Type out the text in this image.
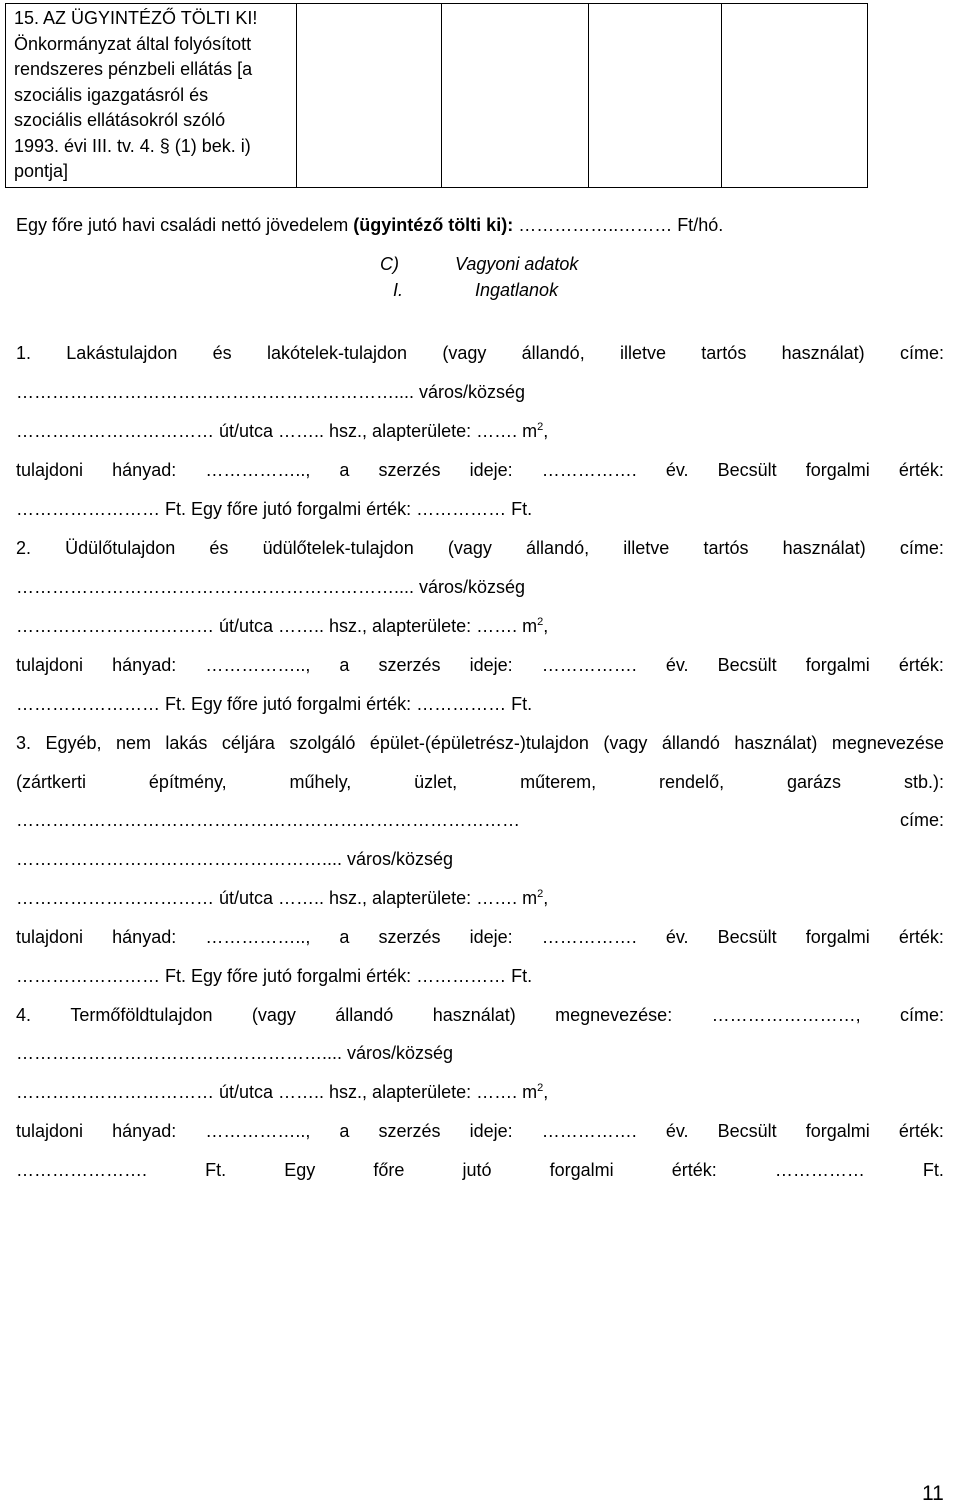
15. AZ ÜGYINTÉZŐ TÖLTI KI!
Önkormányzat által folyósított
rendszeres pénzbeli ellátás [a
szociális igazgatásról és
szociális ellátásokról szóló
1993. évi III. tv. 4. § (1) bek. i)
pontja]

Egy főre jutó havi családi nettó jövedelem (ügyintéző tölti ki): ……………..……… Ft/hó.
C)	Vagyoni adatok
I.	Ingatlanok
1. Lakástulajdon és lakótelek-tulajdon (vagy állandó, illetve tartós használat) címe:
……………………………………………………….... város/község
…………………………… út/utca …….. hsz., alapterülete: ……. $m^2$,
tulajdoni hányad: …………….., a szerzés ideje: ……………. év. Becsült forgalmi érték:
…………………… Ft. Egy főre jutó forgalmi érték: …………… Ft.
2. Üdülőtulajdon és üdülőtelek-tulajdon (vagy állandó, illetve tartós használat) címe:
……………………………………………………….... város/község
…………………………… út/utca …….. hsz., alapterülete: ……. $m^2$,
tulajdoni hányad: …………….., a szerzés ideje: ……………. év. Becsült forgalmi érték:
…………………… Ft. Egy főre jutó forgalmi érték: …………… Ft.
3. Egyéb, nem lakás céljára szolgáló épület-(épületrész-)tulajdon (vagy állandó használat) megnevezése
(zártkerti	építmény,	műhely,	üzlet,	műterem,	rendelő,	garázs	stb.):
…………………………………………………………………………	címe:
…………………………………………….... város/község
…………………………… út/utca …….. hsz., alapterülete: ……. $m^2$,
tulajdoni hányad: …………….., a szerzés ideje: ……………. év. Becsült forgalmi érték:
…………………… Ft. Egy főre jutó forgalmi érték: …………… Ft.
4. Termőföldtulajdon (vagy állandó használat) megnevezése: ……………………, címe:
…………………………………………….... város/község
…………………………… út/utca …….. hsz., alapterülete: ……. $m^2$,
tulajdoni hányad: …………….., a szerzés ideje: ……………. év. Becsült forgalmi érték:
………………….	Ft.	Egy	főre	jutó	forgalmi	érték:	……………	Ft.
11
